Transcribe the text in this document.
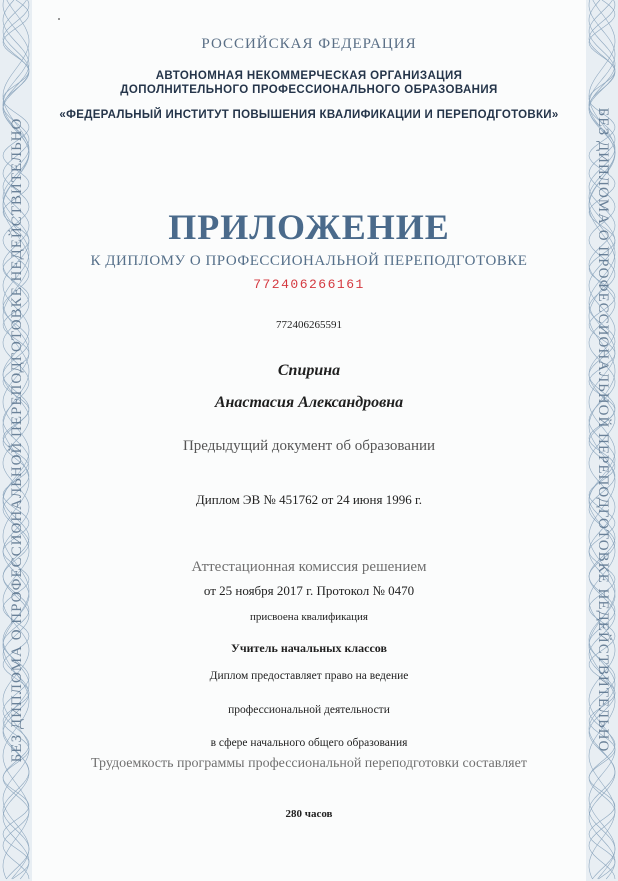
БЕЗ ДИПЛОМА О ПРОФЕССИОНАЛЬНОЙ ПЕРЕПОДГОТОВКЕ НЕДЕЙСТВИТЕЛЬНО	БЕЗ ДИПЛОМА О ПРОФЕССИОНАЛЬНОЙ ПЕРЕПОДГОТОВКЕ НЕДЕЙСТВИТЕЛЬНО
РОССИЙСКАЯ ФЕДЕРАЦИЯ
АВТОНОМНАЯ НЕКОММЕРЧЕСКАЯ ОРГАНИЗАЦИЯ
ДОПОЛНИТЕЛЬНОГО ПРОФЕССИОНАЛЬНОГО ОБРАЗОВАНИЯ
«ФЕДЕРАЛЬНЫЙ ИНСТИТУТ ПОВЫШЕНИЯ КВАЛИФИКАЦИИ И ПЕРЕПОДГОТОВКИ»
ПРИЛОЖЕНИЕ
К ДИПЛОМУ О ПРОФЕССИОНАЛЬНОЙ ПЕРЕПОДГОТОВКЕ
772406266161
772406265591
Спирина
Анастасия Александровна
Предыдущий документ об образовании
Диплом ЭВ № 451762 от 24 июня 1996 г.
Аттестационная комиссия решением
от 25 ноября 2017 г. Протокол № 0470
присвоена квалификация
Учитель начальных классов
Диплом предоставляет право на ведение
профессиональной деятельности
в сфере начального общего образования
Трудоемкость программы профессиональной переподготовки составляет
280 часов
